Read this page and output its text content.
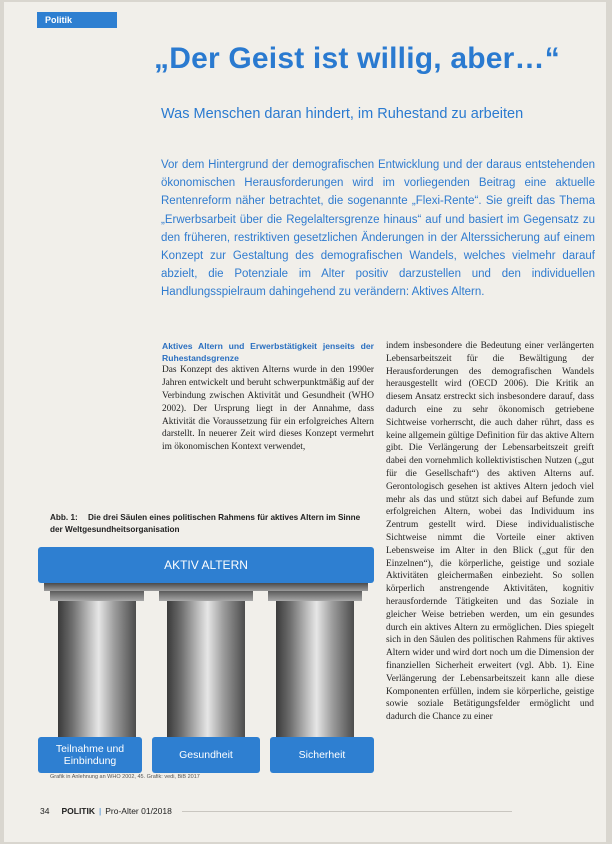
Politik
„Der Geist ist willig, aber…“
Was Menschen daran hindert, im Ruhestand zu arbeiten
Vor dem Hintergrund der demografischen Entwicklung und der daraus entstehenden ökonomischen Herausforderungen wird im vorliegenden Beitrag eine aktuelle Rentenreform näher betrachtet, die sogenannte „Flexi-Rente“. Sie greift das Thema „Erwerbsarbeit über die Regelaltersgrenze hinaus“ auf und basiert im Gegensatz zu den früheren, restriktiven gesetzlichen Änderungen in der Alterssicherung auf einem Konzept zur Gestaltung des demografischen Wandels, welches vielmehr darauf abzielt, die Potenziale im Alter positiv darzustellen und den individuellen Handlungsspielraum dahingehend zu verändern: Aktives Altern.
Aktives Altern und Erwerbstätigkeit jenseits der Ruhestandsgrenze
Das Konzept des aktiven Alterns wurde in den 1990er Jahren entwickelt und beruht schwerpunktmäßig auf der Verbindung zwischen Aktivität und Gesundheit (WHO 2002). Der Ursprung liegt in der Annahme, dass Aktivität die Voraussetzung für ein erfolgreiches Altern darstellt. In neuerer Zeit wird dieses Konzept vermehrt im ökonomischen Kontext verwendet,
indem insbesondere die Bedeutung einer verlängerten Lebensarbeitszeit für die Bewältigung der Herausforderungen des demografischen Wandels herausgestellt wird (OECD 2006). Die Kritik an diesem Ansatz erstreckt sich insbesondere darauf, dass dadurch eine zu sehr ökonomisch getriebene Sichtweise vorherrscht, die auch daher rührt, dass es keine allgemein gültige Definition für das aktive Altern gibt. Die Verlängerung der Lebensarbeitszeit greift dabei den vornehmlich kollektivistischen Nutzen („gut für die Gesellschaft“) des aktiven Alterns auf. Gerontologisch gesehen ist aktives Altern jedoch viel mehr als das und stützt sich dabei auf Befunde zum erfolgreichen Altern, wobei das Individuum ins Zentrum gestellt wird. Diese individualistische Sichtweise nimmt die Vorteile einer aktiven Lebensweise im Alter in den Blick („gut für den Einzelnen“), die körperliche, geistige und soziale Aktivitäten gleichermaßen einbezieht. So sollen körperlich anstrengende Aktivitäten, kognitiv herausfordernde Tätigkeiten und das Soziale in gleicher Weise betrieben werden, um ein gesundes durch ein aktives Altern zu ermöglichen. Dies spiegelt sich in den Säulen des politischen Rahmens für aktives Altern wider und wird dort noch um die Dimension der finanziellen Sicherheit erweitert (vgl. Abb. 1). Eine Verlängerung der Lebensarbeitszeit kann alle diese Komponenten erfüllen, indem sie körperliche, geistige sowie soziale Betätigungsfelder ermöglicht und dadurch die Chance zu einer
Abb. 1: Die drei Säulen eines politischen Rahmens für aktives Altern im Sinne der Weltgesundheitsorganisation
AKTIV ALTERN
Teilnahme und Einbindung	Gesundheit	Sicherheit
Grafik in Anlehnung an WHO 2002, 45. Grafik: vedi, BiB 2017
34 POLITIK | Pro-Alter 01/2018
